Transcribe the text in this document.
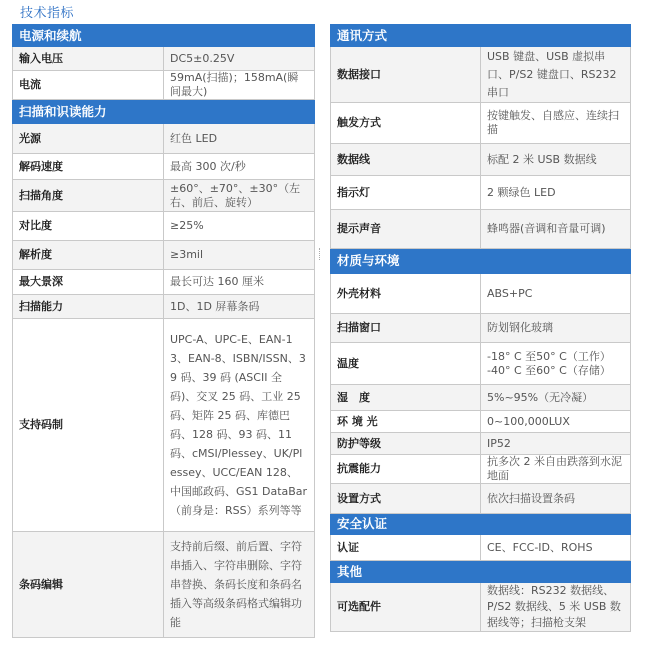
技术指标
电源和续航	
输入电压	DC5±0.25V
电流	59mA(扫描)；158mA(瞬间最大)
扫描和识读能力	
光源	红色 LED
解码速度	最高 300 次/秒
扫描角度	±60°、±70°、±30°（左右、前后、旋转）
对比度	≥25%
解析度	≥3mil
最大景深	最长可达 160 厘米
扫描能力	1D、1D 屏幕条码
支持码制	UPC-A、UPC-E、EAN-13、EAN-8、ISBN/ISSN、39 码、39 码 (ASCII 全码)、交叉 25 码、工业 25 码、矩阵 25 码、库德巴码、128 码、93 码、11 码、cMSI/Plessey、UK/Plessey、UCC/EAN 128、中国邮政码、GS1 DataBar（前身是：RSS）系列等等
条码编辑	支持前后缀、前后置、字符串插入、字符串删除、字符串替换、条码长度和条码名插入等高级条码格式编辑功能
通讯方式	
数据接口	USB 键盘、USB 虚拟串口、P/S2 键盘口、RS232 串口
触发方式	按键触发、自感应、连续扫描
数据线	标配 2 米 USB 数据线
指示灯	2 颗绿色 LED
提示声音	蜂鸣器(音调和音量可调)
材质与环境	
外壳材料	ABS+PC
扫描窗口	防划钢化玻璃
温度	-18° C 至50° C（工作）
-40° C 至60° C（存储）
湿　度	5%~95%（无冷凝）
环 境 光	0~100,000LUX
防护等级	IP52
抗震能力	抗多次 2 米自由跌落到水泥地面
设置方式	依次扫描设置条码
安全认证	
认证	CE、FCC-ID、ROHS
其他	
可选配件	数据线：RS232 数据线、P/S2 数据线、5 米 USB 数据线等；扫描枪支架
